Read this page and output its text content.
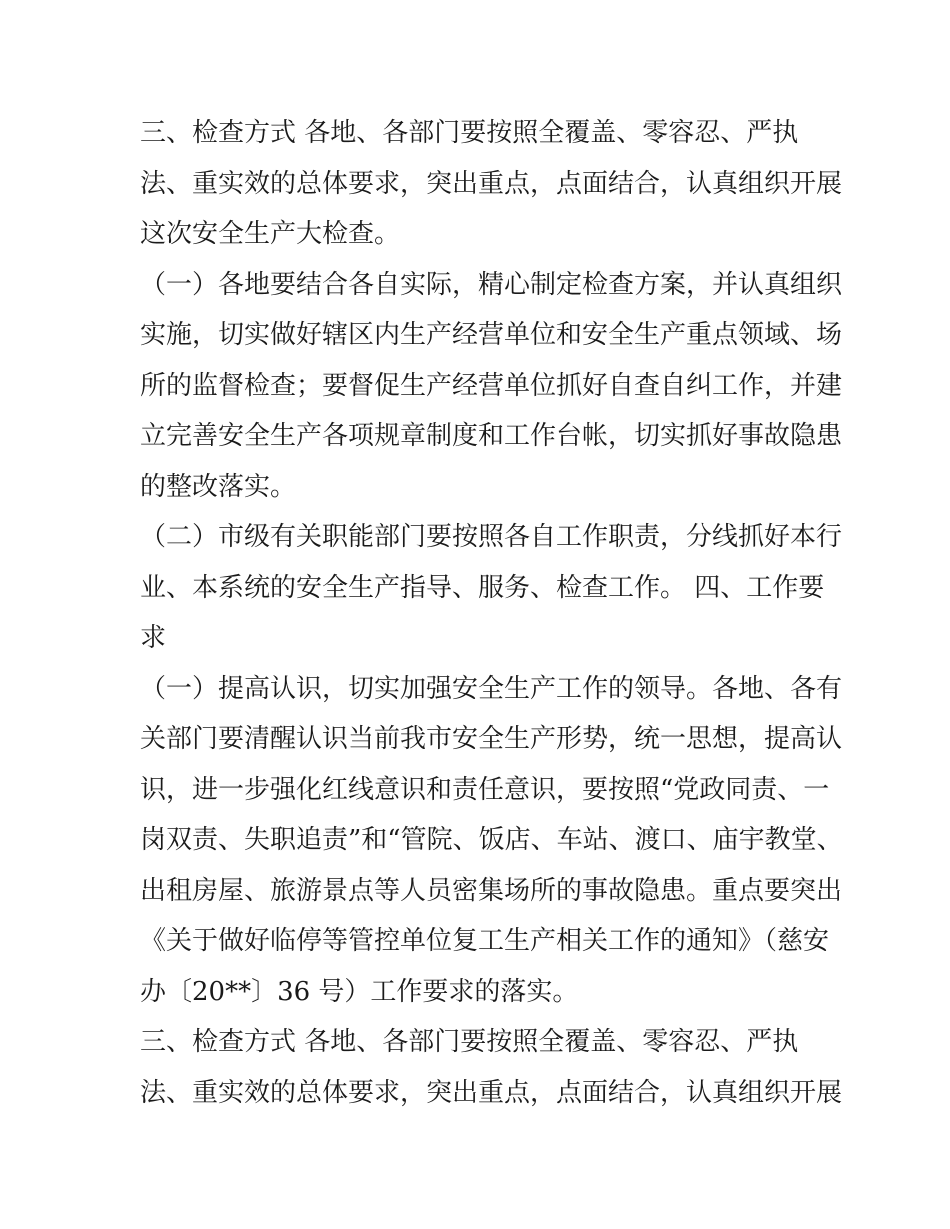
三、检查方式 各地、各部门要按照全覆盖、零容忍、严执
法、重实效的总体要求，突出重点，点面结合，认真组织开展
这次安全生产大检查。
（一）各地要结合各自实际，精心制定检查方案，并认真组织
实施，切实做好辖区内生产经营单位和安全生产重点领域、场
所的监督检查；要督促生产经营单位抓好自查自纠工作，并建
立完善安全生产各项规章制度和工作台帐，切实抓好事故隐患
的整改落实。
（二）市级有关职能部门要按照各自工作职责，分线抓好本行
业、本系统的安全生产指导、服务、检查工作。 四、工作要
求
（一）提高认识，切实加强安全生产工作的领导。各地、各有
关部门要清醒认识当前我市安全生产形势，统一思想，提高认
识，进一步强化红线意识和责任意识，要按照“党政同责、一
岗双责、失职追责”和“管院、饭店、车站、渡口、庙宇教堂、
出租房屋、旅游景点等人员密集场所的事故隐患。重点要突出
《关于做好临停等管控单位复工生产相关工作的通知》（慈安
办〔20**〕36 号）工作要求的落实。
三、检查方式 各地、各部门要按照全覆盖、零容忍、严执
法、重实效的总体要求，突出重点，点面结合，认真组织开展
